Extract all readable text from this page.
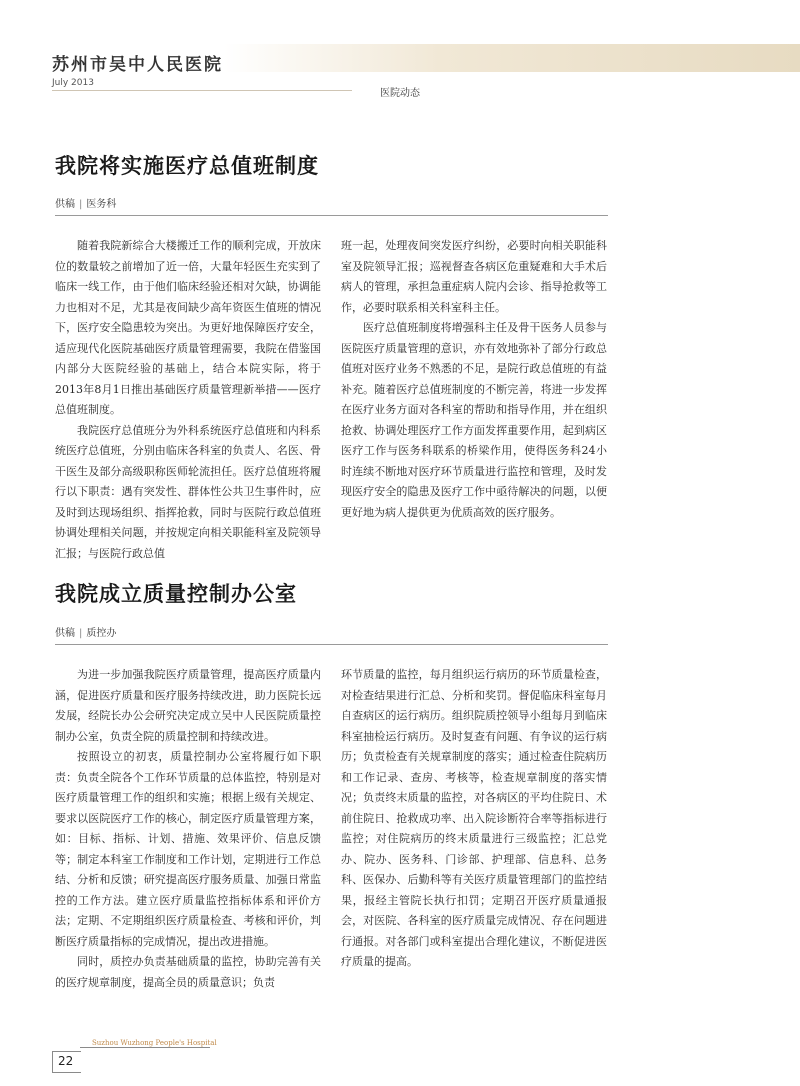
苏州市吴中人民医院
July 2013
医院动态
我院将实施医疗总值班制度
供稿 | 医务科

随着我院新综合大楼搬迁工作的顺利完成，开放床位的数量较之前增加了近一倍，大量年轻医生充实到了临床一线工作，由于他们临床经验还相对欠缺，协调能力也相对不足，尤其是夜间缺少高年资医生值班的情况下，医疗安全隐患较为突出。为更好地保障医疗安全，适应现代化医院基础医疗质量管理需要，我院在借鉴国内部分大医院经验的基础上，结合本院实际，将于2013年8月1日推出基础医疗质量管理新举措——医疗总值班制度。

我院医疗总值班分为外科系统医疗总值班和内科系统医疗总值班，分别由临床各科室的负责人、名医、骨干医生及部分高级职称医师轮流担任。医疗总值班将履行以下职责：遇有突发性、群体性公共卫生事件时，应及时到达现场组织、指挥抢救，同时与医院行政总值班协调处理相关问题，并按规定向相关职能科室及院领导汇报；与医院行政总值

班一起，处理夜间突发医疗纠纷，必要时向相关职能科室及院领导汇报；巡视督查各病区危重疑难和大手术后病人的管理，承担急重症病人院内会诊、指导抢救等工作，必要时联系相关科室科主任。

医疗总值班制度将增强科主任及骨干医务人员参与医院医疗质量管理的意识，亦有效地弥补了部分行政总值班对医疗业务不熟悉的不足，是院行政总值班的有益补充。随着医疗总值班制度的不断完善，将进一步发挥在医疗业务方面对各科室的帮助和指导作用，并在组织抢救、协调处理医疗工作方面发挥重要作用，起到病区医疗工作与医务科联系的桥梁作用，使得医务科24小时连续不断地对医疗环节质量进行监控和管理，及时发现医疗安全的隐患及医疗工作中亟待解决的问题，以便更好地为病人提供更为优质高效的医疗服务。

我院成立质量控制办公室
供稿 | 质控办

为进一步加强我院医疗质量管理，提高医疗质量内涵，促进医疗质量和医疗服务持续改进，助力医院长远发展，经院长办公会研究决定成立吴中人民医院质量控制办公室，负责全院的质量控制和持续改进。

按照设立的初衷，质量控制办公室将履行如下职责：负责全院各个工作环节质量的总体监控，特别是对医疗质量管理工作的组织和实施；根据上级有关规定、要求以医院医疗工作的核心，制定医疗质量管理方案，如：目标、指标、计划、措施、效果评价、信息反馈等；制定本科室工作制度和工作计划，定期进行工作总结、分析和反馈；研究提高医疗服务质量、加强日常监控的工作方法。建立医疗质量监控指标体系和评价方法；定期、不定期组织医疗质量检查、考核和评价，判断医疗质量指标的完成情况，提出改进措施。

同时，质控办负责基础质量的监控，协助完善有关的医疗规章制度，提高全员的质量意识；负责

环节质量的监控，每月组织运行病历的环节质量检查，对检查结果进行汇总、分析和奖罚。督促临床科室每月自查病区的运行病历。组织院质控领导小组每月到临床科室抽检运行病历。及时复查有问题、有争议的运行病历；负责检查有关规章制度的落实；通过检查住院病历和工作记录、查房、考核等，检查规章制度的落实情况；负责终末质量的监控，对各病区的平均住院日、术前住院日、抢救成功率、出入院诊断符合率等指标进行监控；对住院病历的终末质量进行三级监控；汇总党办、院办、医务科、门诊部、护理部、信息科、总务科、医保办、后勤科等有关医疗质量管理部门的监控结果，报经主管院长执行扣罚；定期召开医疗质量通报会，对医院、各科室的医疗质量完成情况、存在问题进行通报。对各部门或科室提出合理化建议，不断促进医疗质量的提高。

Suzhou Wuzhong People's Hospital
22
